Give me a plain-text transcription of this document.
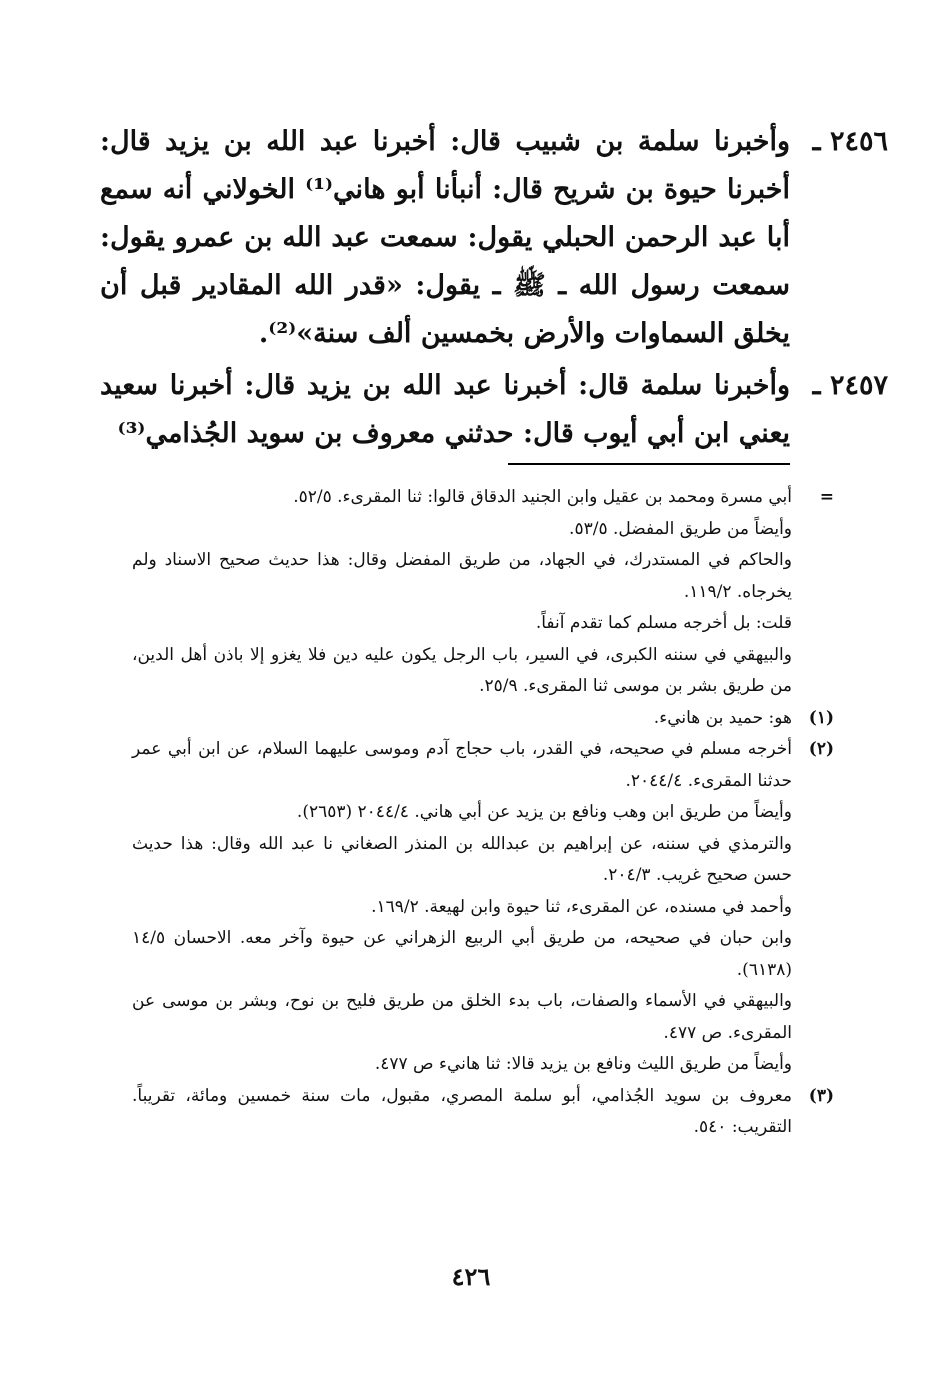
٢٤٥٦ ـ

وأخبرنا سلمة بن شبيب قال: أخبرنا عبد الله بن يزيد قال: أخبرنا حيوة بن شريح قال: أنبأنا أبو هاني⁽¹⁾ الخولاني أنه سمع أبا عبد الرحمن الحبلي يقول: سمعت عبد الله بن عمرو يقول: سمعت رسول الله ـ ﷺ ـ يقول: «قدر الله المقادير قبل أن يخلق السماوات والأرض بخمسين ألف سنة»⁽²⁾.

٢٤٥٧ ـ

وأخبرنا سلمة قال: أخبرنا عبد الله بن يزيد قال: أخبرنا سعيد يعني ابن أبي أيوب قال: حدثني معروف بن سويد الجُذامي⁽³⁾

=

أبي مسرة ومحمد بن عقيل وابن الجنيد الدقاق قالوا: ثنا المقرىء. ٥٢/٥.

وأيضاً من طريق المفضل. ٥٣/٥.

والحاكم في المستدرك، في الجهاد، من طريق المفضل وقال: هذا حديث صحيح الاسناد ولم يخرجاه. ١١٩/٢.

قلت: بل أخرجه مسلم كما تقدم آنفاً.

والبيهقي في سننه الكبرى، في السير، باب الرجل يكون عليه دين فلا يغزو إلا باذن أهل الدين، من طريق بشر بن موسى ثنا المقرىء. ٢٥/٩.

(١)

هو: حميد بن هانيء.

(٢)

أخرجه مسلم في صحيحه، في القدر، باب حجاج آدم وموسى عليهما السلام، عن ابن أبي عمر حدثنا المقرىء. ٢٠٤٤/٤.

وأيضاً من طريق ابن وهب ونافع بن يزيد عن أبي هاني. ٢٠٤٤/٤ (٢٦٥٣).

والترمذي في سننه، عن إبراهيم بن عبدالله بن المنذر الصغاني نا عبد الله وقال: هذا حديث حسن صحيح غريب. ٢٠٤/٣.

وأحمد في مسنده، عن المقرىء، ثنا حيوة وابن لهيعة. ١٦٩/٢.

وابن حبان في صحيحه، من طريق أبي الربيع الزهراني عن حيوة وآخر معه. الاحسان ١٤/٥ (٦١٣٨).

والبيهقي في الأسماء والصفات، باب بدء الخلق من طريق فليح بن نوح، وبشر بن موسى عن المقرىء. ص ٤٧٧.

وأيضاً من طريق الليث ونافع بن يزيد قالا: ثنا هانيء ص ٤٧٧.

(٣)

معروف بن سويد الجُذامي، أبو سلمة المصري، مقبول، مات سنة خمسين ومائة، تقريباً. التقريب: ٥٤٠.

٤٢٦
